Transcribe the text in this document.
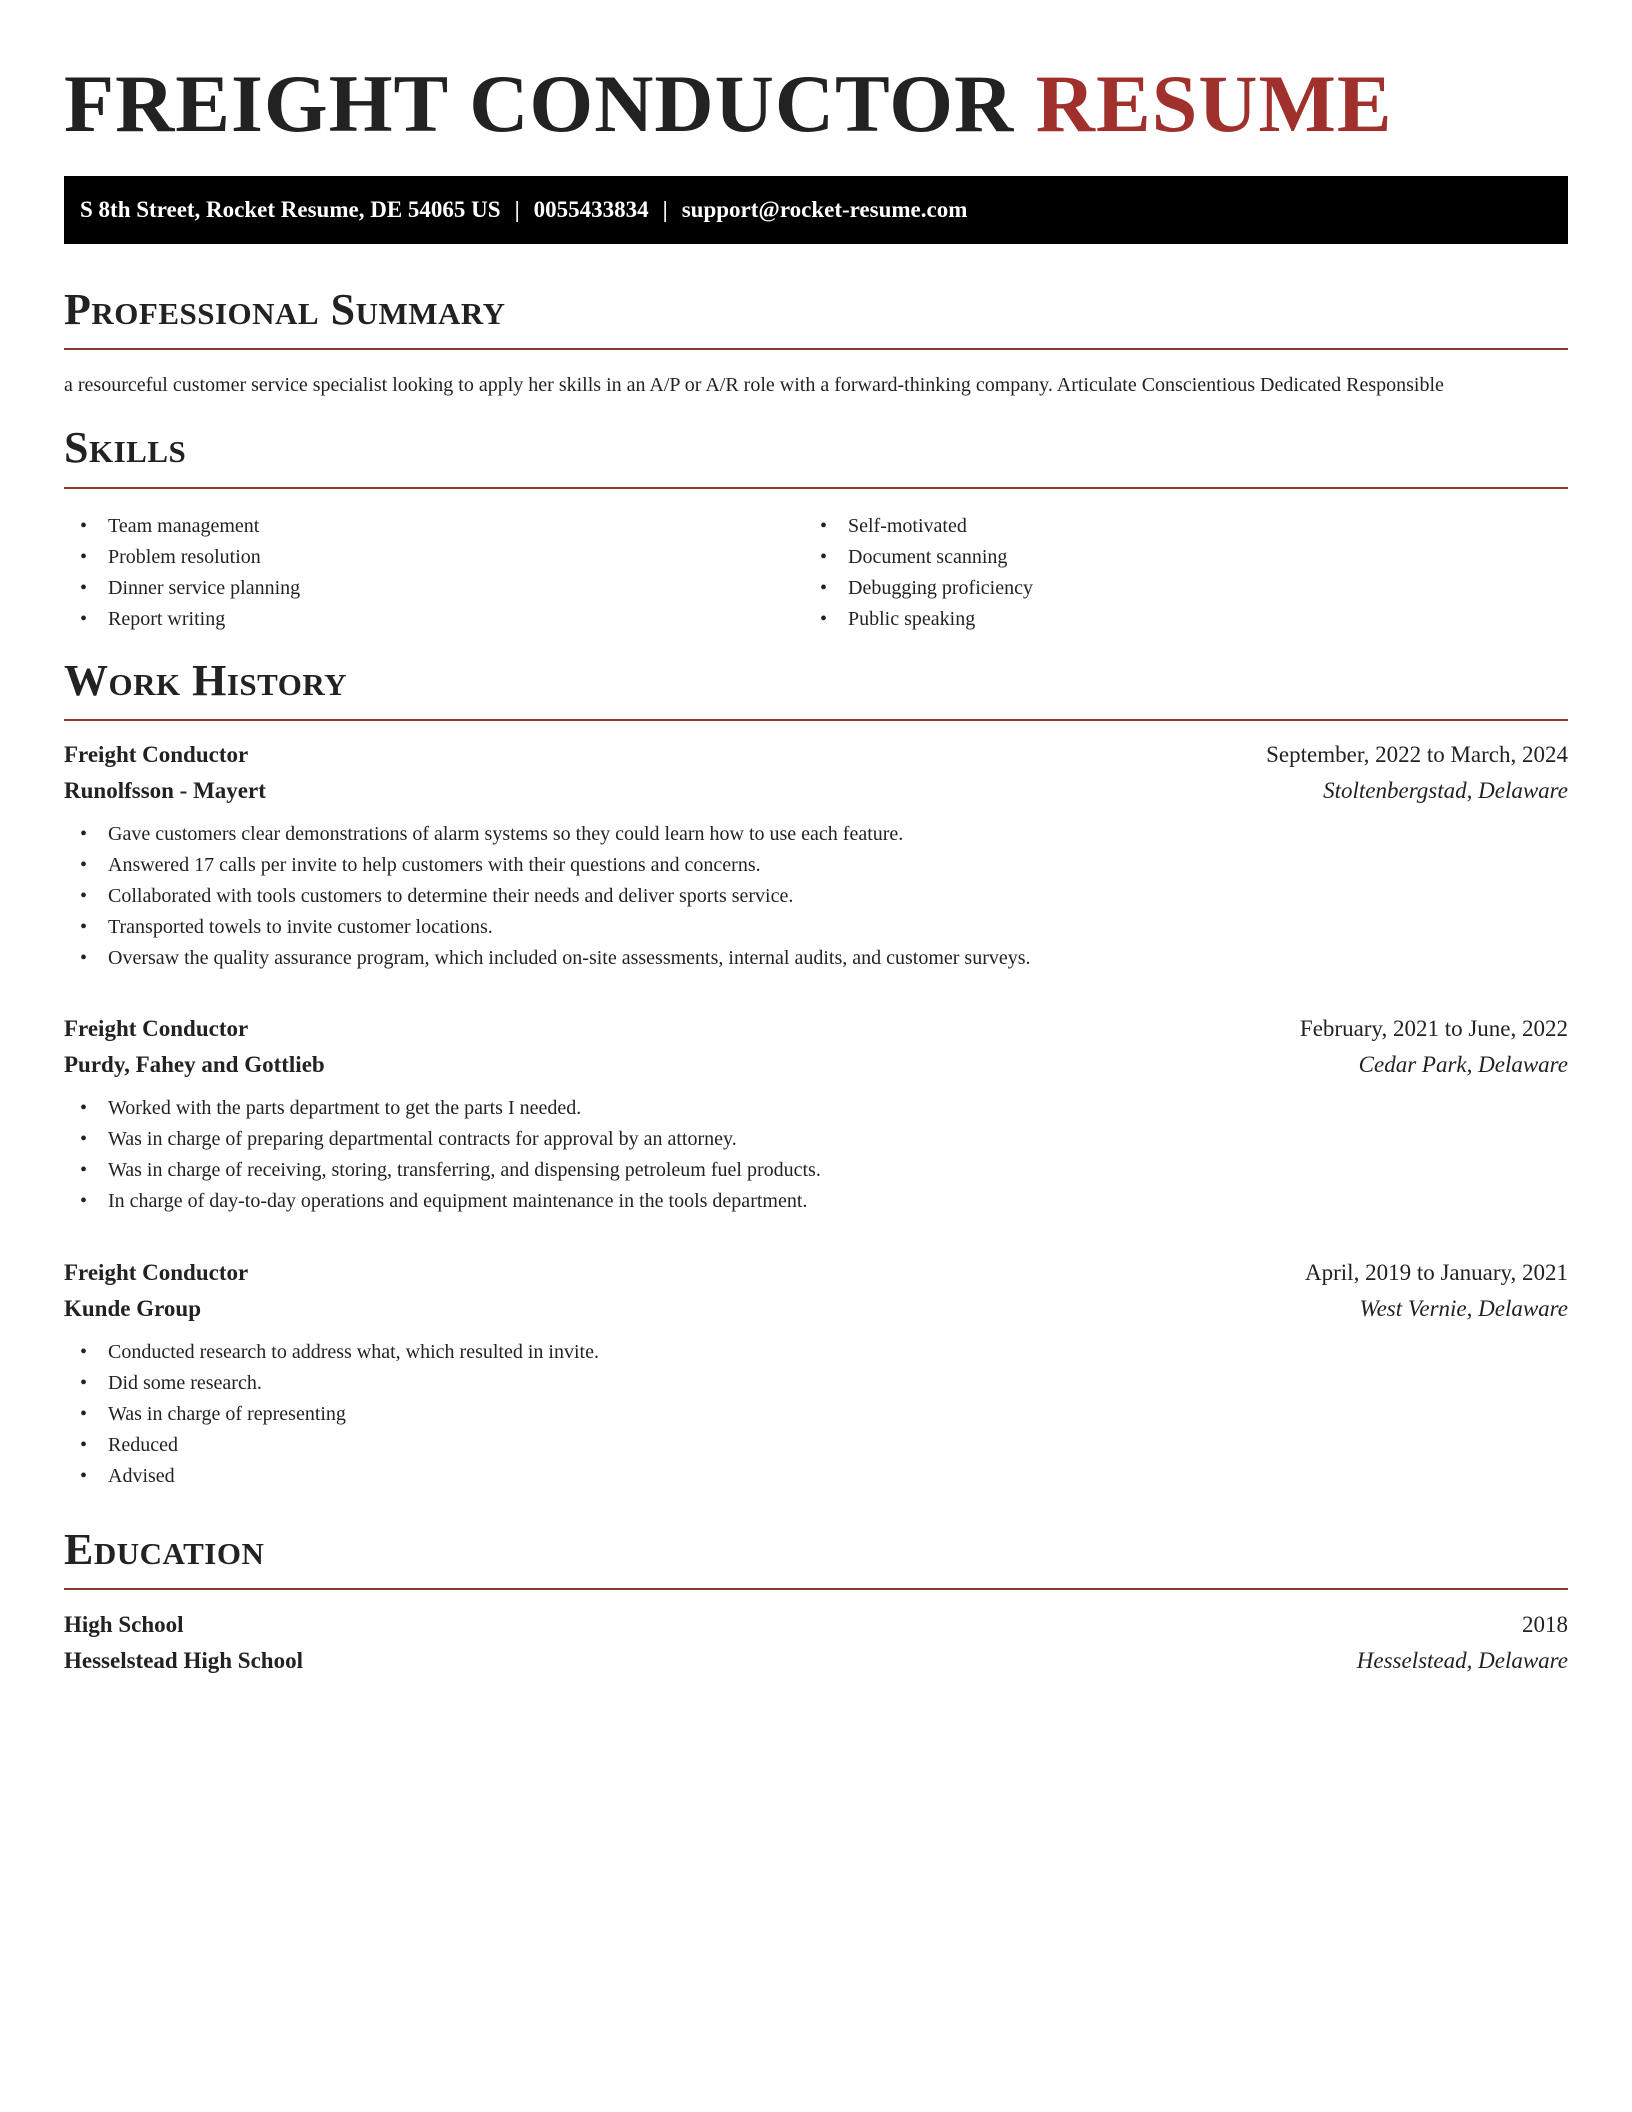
FREIGHT CONDUCTOR RESUME
S 8th Street, Rocket Resume, DE 54065 US | 0055433834 | support@rocket-resume.com
Professional Summary

a resourceful customer service specialist looking to apply her skills in an A/P or A/R role with a forward-thinking company. Articulate Conscientious Dedicated Responsible

Skills
• Team management
• Problem resolution
• Dinner service planning
• Report writing
• Self-motivated
• Document scanning
• Debugging proficiency
• Public speaking
Work History
Freight Conductor	September, 2022 to March, 2024
Runolfsson - Mayert	Stoltenbergstad, Delaware
• Gave customers clear demonstrations of alarm systems so they could learn how to use each feature.
• Answered 17 calls per invite to help customers with their questions and concerns.
• Collaborated with tools customers to determine their needs and deliver sports service.
• Transported towels to invite customer locations.
• Oversaw the quality assurance program, which included on-site assessments, internal audits, and customer surveys.
Freight Conductor	February, 2021 to June, 2022
Purdy, Fahey and Gottlieb	Cedar Park, Delaware
• Worked with the parts department to get the parts I needed.
• Was in charge of preparing departmental contracts for approval by an attorney.
• Was in charge of receiving, storing, transferring, and dispensing petroleum fuel products.
• In charge of day-to-day operations and equipment maintenance in the tools department.
Freight Conductor	April, 2019 to January, 2021
Kunde Group	West Vernie, Delaware
• Conducted research to address what, which resulted in invite.
• Did some research.
• Was in charge of representing
• Reduced
• Advised
Education
High School	2018
Hesselstead High School	Hesselstead, Delaware
